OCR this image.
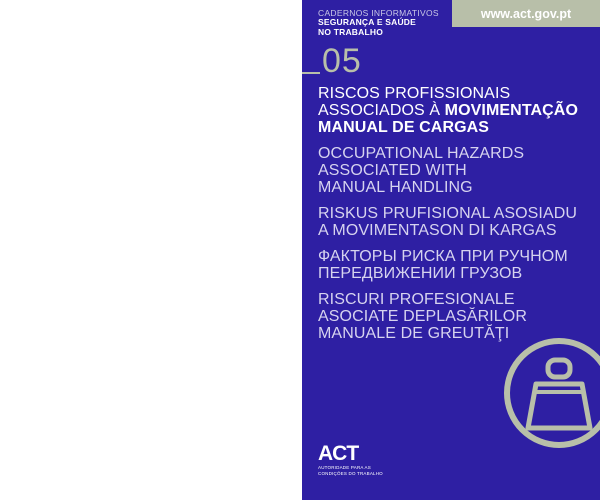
CADERNOS INFORMATIVOS
SEGURANÇA E SAÚDE
NO TRABALHO
www.act.gov.pt
05
RISCOS PROFISSIONAIS
ASSOCIADOS À MOVIMENTAÇÃO
MANUAL DE CARGAS
OCCUPATIONAL HAZARDS
ASSOCIATED WITH
MANUAL HANDLING
RISKUS PRUFISIONAL ASOSIADU
A MOVIMENTASON DI KARGAS
ФАКТОРЫ РИСКА ПРИ РУЧНОМ
ПЕРЕДВИЖЕНИИ ГРУЗОВ
RISCURI PROFESIONALE
ASOCIATE DEPLASĂRILOR
MANUALE DE GREUTĂŢI
ACT
AUTORIDADE PARA AS
CONDIÇÕES DO TRABALHO
